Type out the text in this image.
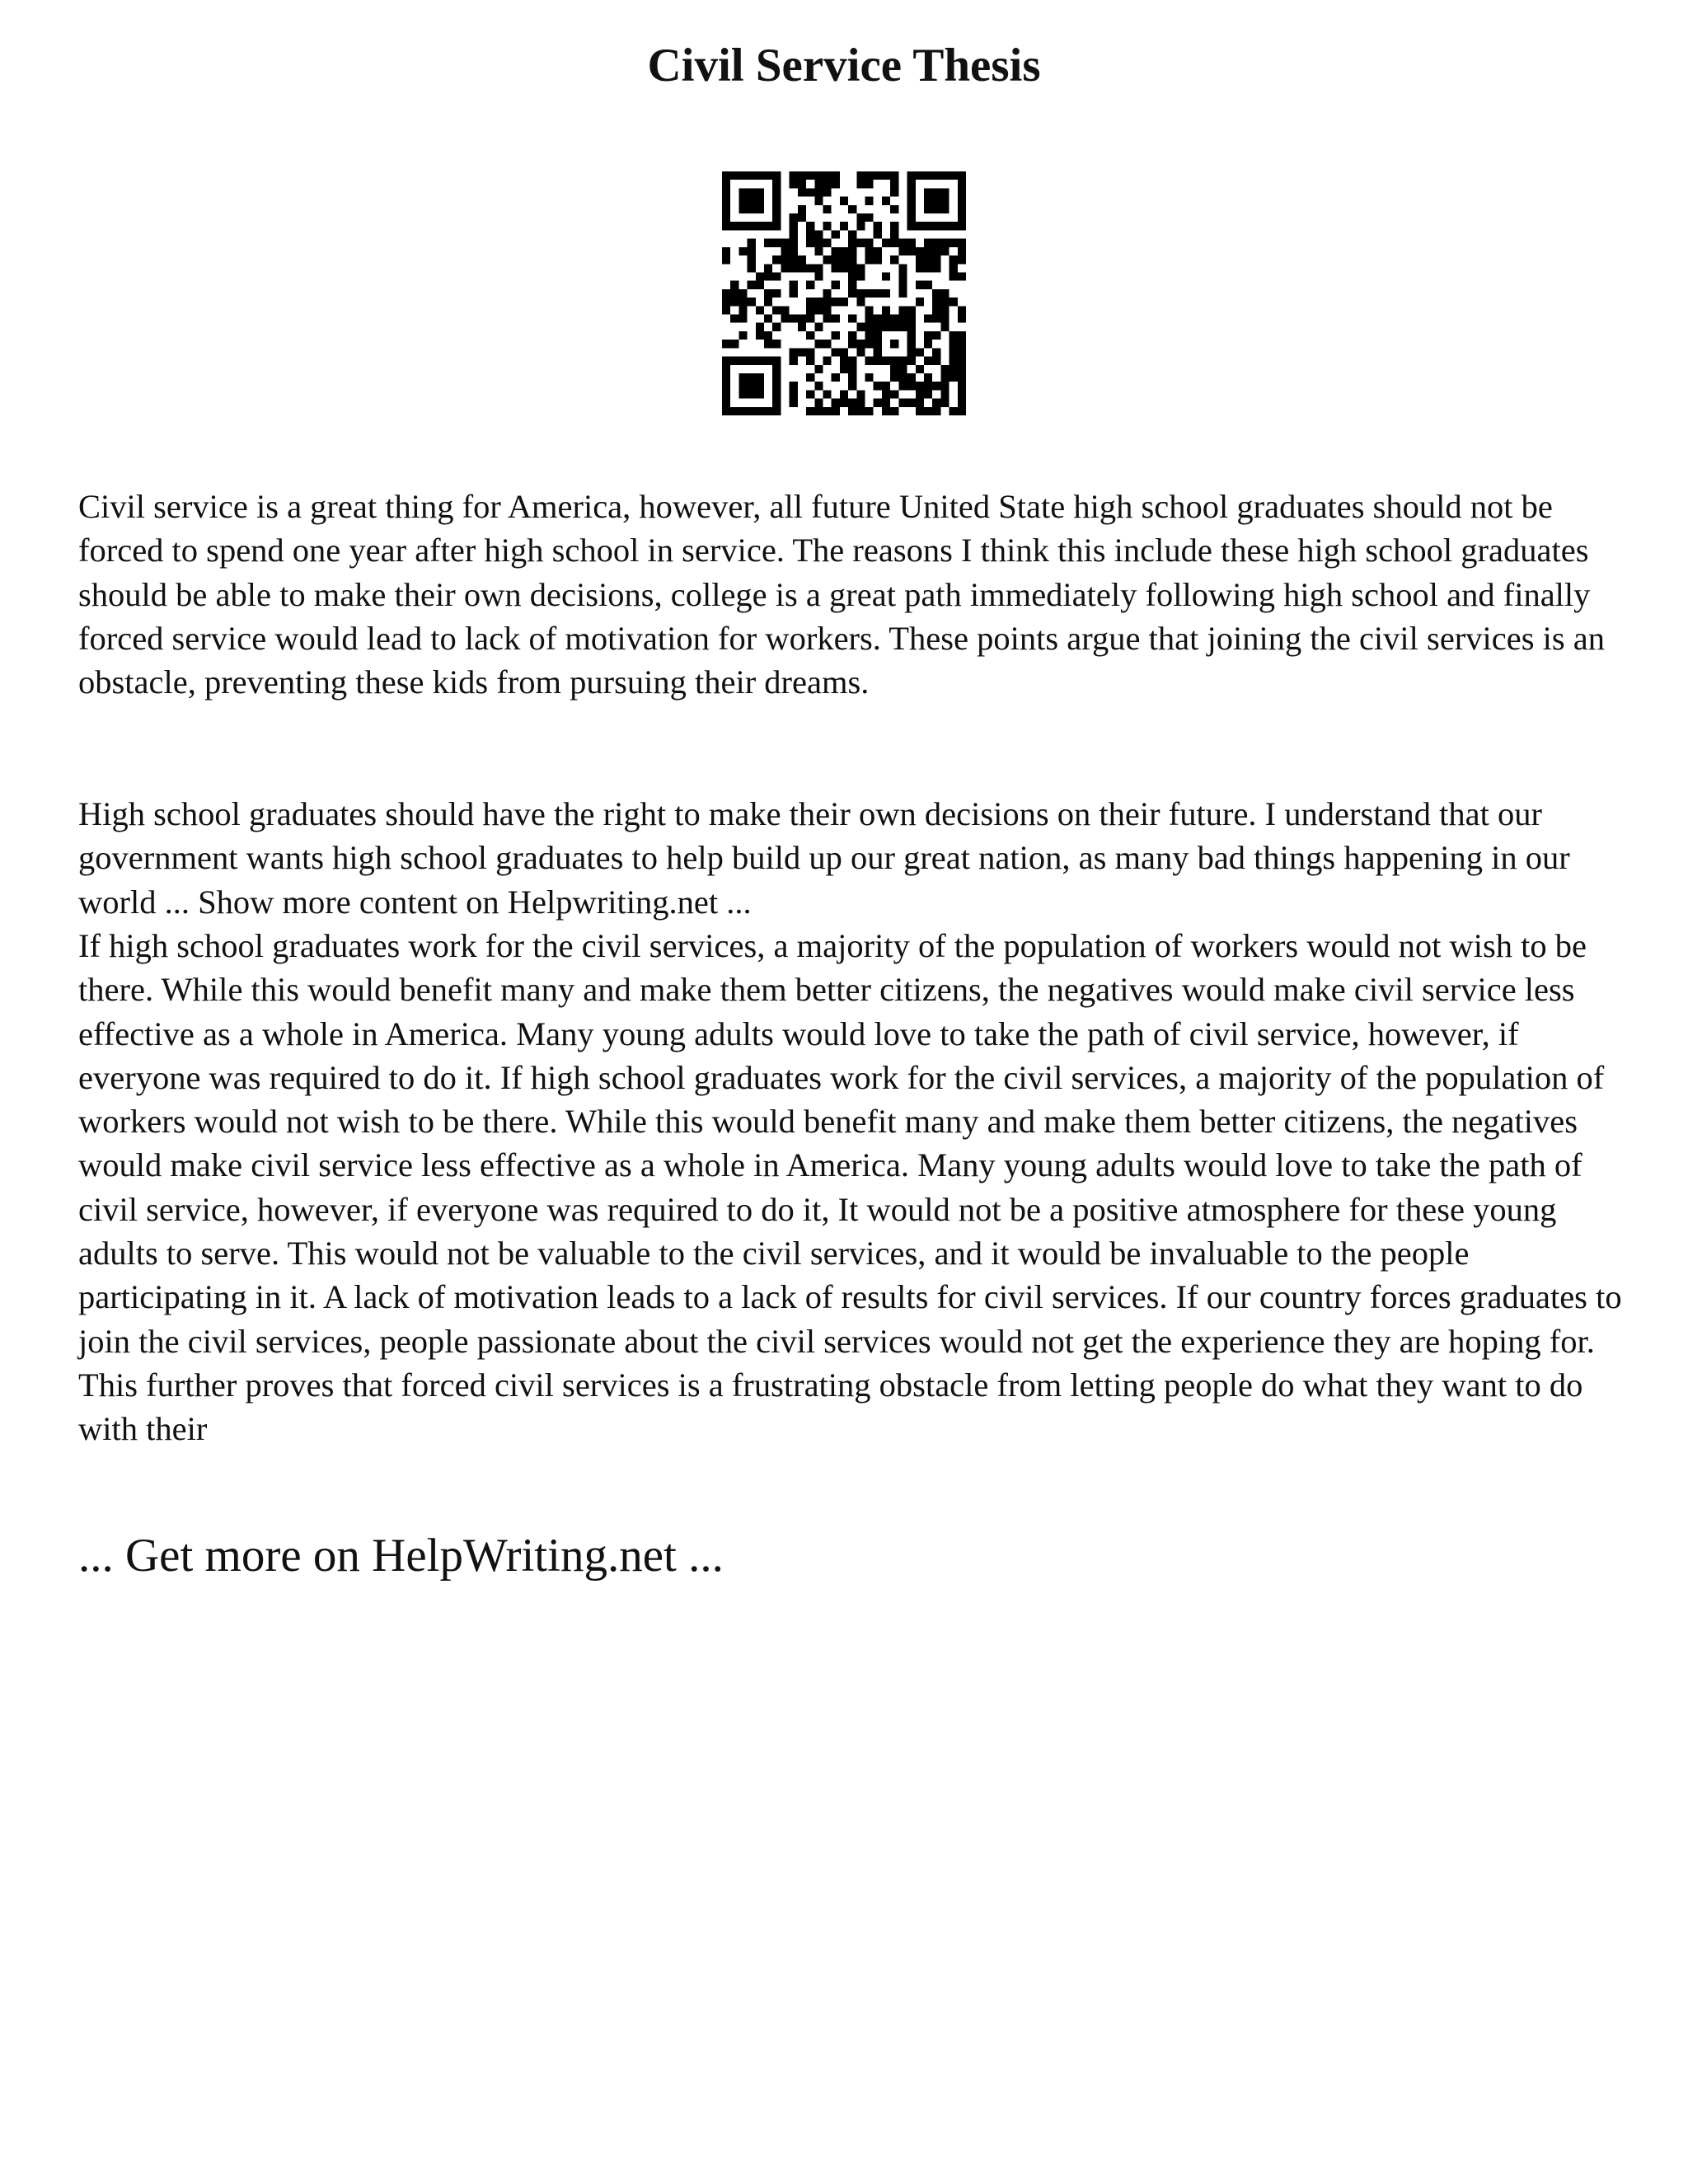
Civil Service Thesis

Civil service is a great thing for America, however, all future United State high school graduates should not be forced to spend one year after high school in service. The reasons I think this include these high school graduates should be able to make their own decisions, college is a great path immediately following high school and finally forced service would lead to lack of motivation for workers. These points argue that joining the civil services is an obstacle, preventing these kids from pursuing their dreams.

High school graduates should have the right to make their own decisions on their future. I understand that our government wants high school graduates to help build up our great nation, as many bad things happening in our world ... Show more content on Helpwriting.net ...

If high school graduates work for the civil services, a majority of the population of workers would not wish to be there. While this would benefit many and make them better citizens, the negatives would make civil service less effective as a whole in America. Many young adults would love to take the path of civil service, however, if everyone was required to do it. If high school graduates work for the civil services, a majority of the population of workers would not wish to be there. While this would benefit many and make them better citizens, the negatives would make civil service less effective as a whole in America. Many young adults would love to take the path of civil service, however, if everyone was required to do it, It would not be a positive atmosphere for these young adults to serve. This would not be valuable to the civil services, and it would be invaluable to the people participating in it. A lack of motivation leads to a lack of results for civil services. If our country forces graduates to join the civil services, people passionate about the civil services would not get the experience they are hoping for. This further proves that forced civil services is a frustrating obstacle from letting people do what they want to do with their

... Get more on HelpWriting.net ...
